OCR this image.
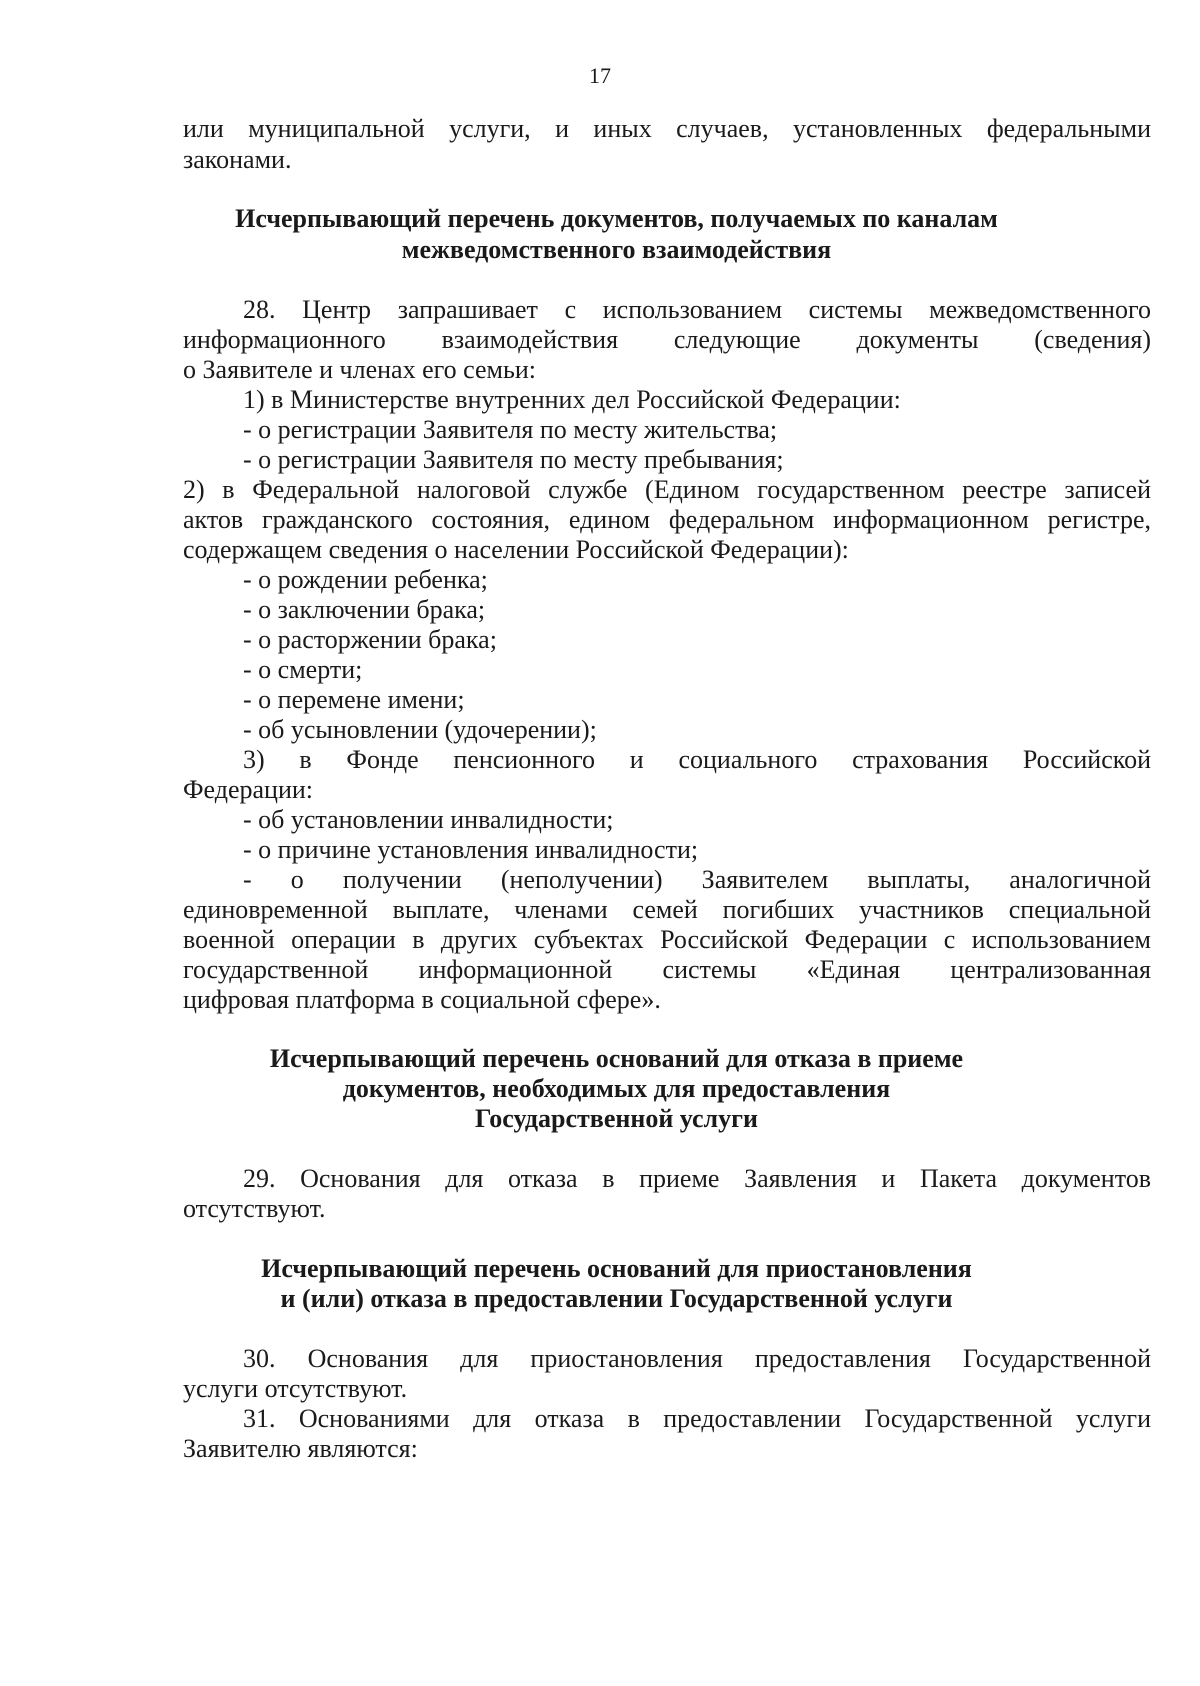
17
или муниципальной услуги, и иных случаев, установленных федеральными
законами.
Исчерпывающий перечень документов, получаемых по каналам
межведомственного взаимодействия
28. Центр запрашивает с использованием системы межведомственного
информационного взаимодействия следующие документы (сведения)
о Заявителе и членах его семьи:
1) в Министерстве внутренних дел Российской Федерации:
- о регистрации Заявителя по месту жительства;
- о регистрации Заявителя по месту пребывания;
2) в Федеральной налоговой службе (Едином государственном реестре записей
актов гражданского состояния, едином федеральном информационном регистре,
содержащем сведения о населении Российской Федерации):
- о рождении ребенка;
- о заключении брака;
- о расторжении брака;
- о смерти;
- о перемене имени;
- об усыновлении (удочерении);
3) в Фонде пенсионного и социального страхования Российской
Федерации:
- об установлении инвалидности;
- о причине установления инвалидности;
- о получении (неполучении) Заявителем выплаты, аналогичной
единовременной выплате, членами семей погибших участников специальной
военной операции в других субъектах Российской Федерации с использованием
государственной информационной системы «Единая централизованная
цифровая платформа в социальной сфере».
Исчерпывающий перечень оснований для отказа в приеме
документов, необходимых для предоставления
Государственной услуги
29. Основания для отказа в приеме Заявления и Пакета документов
отсутствуют.
Исчерпывающий перечень оснований для приостановления
и (или) отказа в предоставлении Государственной услуги
30. Основания для приостановления предоставления Государственной
услуги отсутствуют.
31. Основаниями для отказа в предоставлении Государственной услуги
Заявителю являются:
